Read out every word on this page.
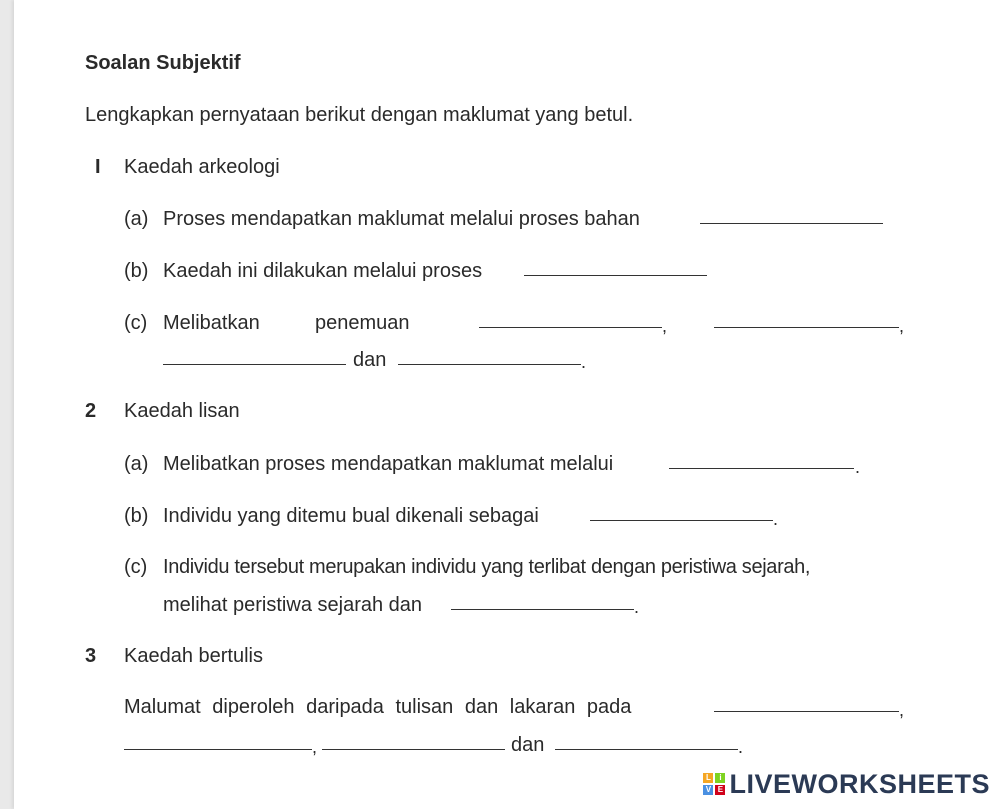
Soalan Subjektif
Lengkapkan pernyataan berikut dengan maklumat yang betul.
I Kaedah arkeologi
(a) Proses mendapatkan maklumat melalui proses bahan
(b) Kaedah ini dilakukan melalui proses
(c) Melibatkan	penemuan	,	,
dan	.
2 Kaedah lisan
(a) Melibatkan proses mendapatkan maklumat melalui	.
(b) Individu yang ditemu bual dikenali sebagai	.
(c) Individu tersebut merupakan individu yang terlibat dengan peristiwa sejarah,
melihat peristiwa sejarah dan	.
3 Kaedah bertulis
Malumat diperoleh daripada tulisan dan lakaran pada	,
,	dan	.
L	i
V E LIVEWORKSHEETS
